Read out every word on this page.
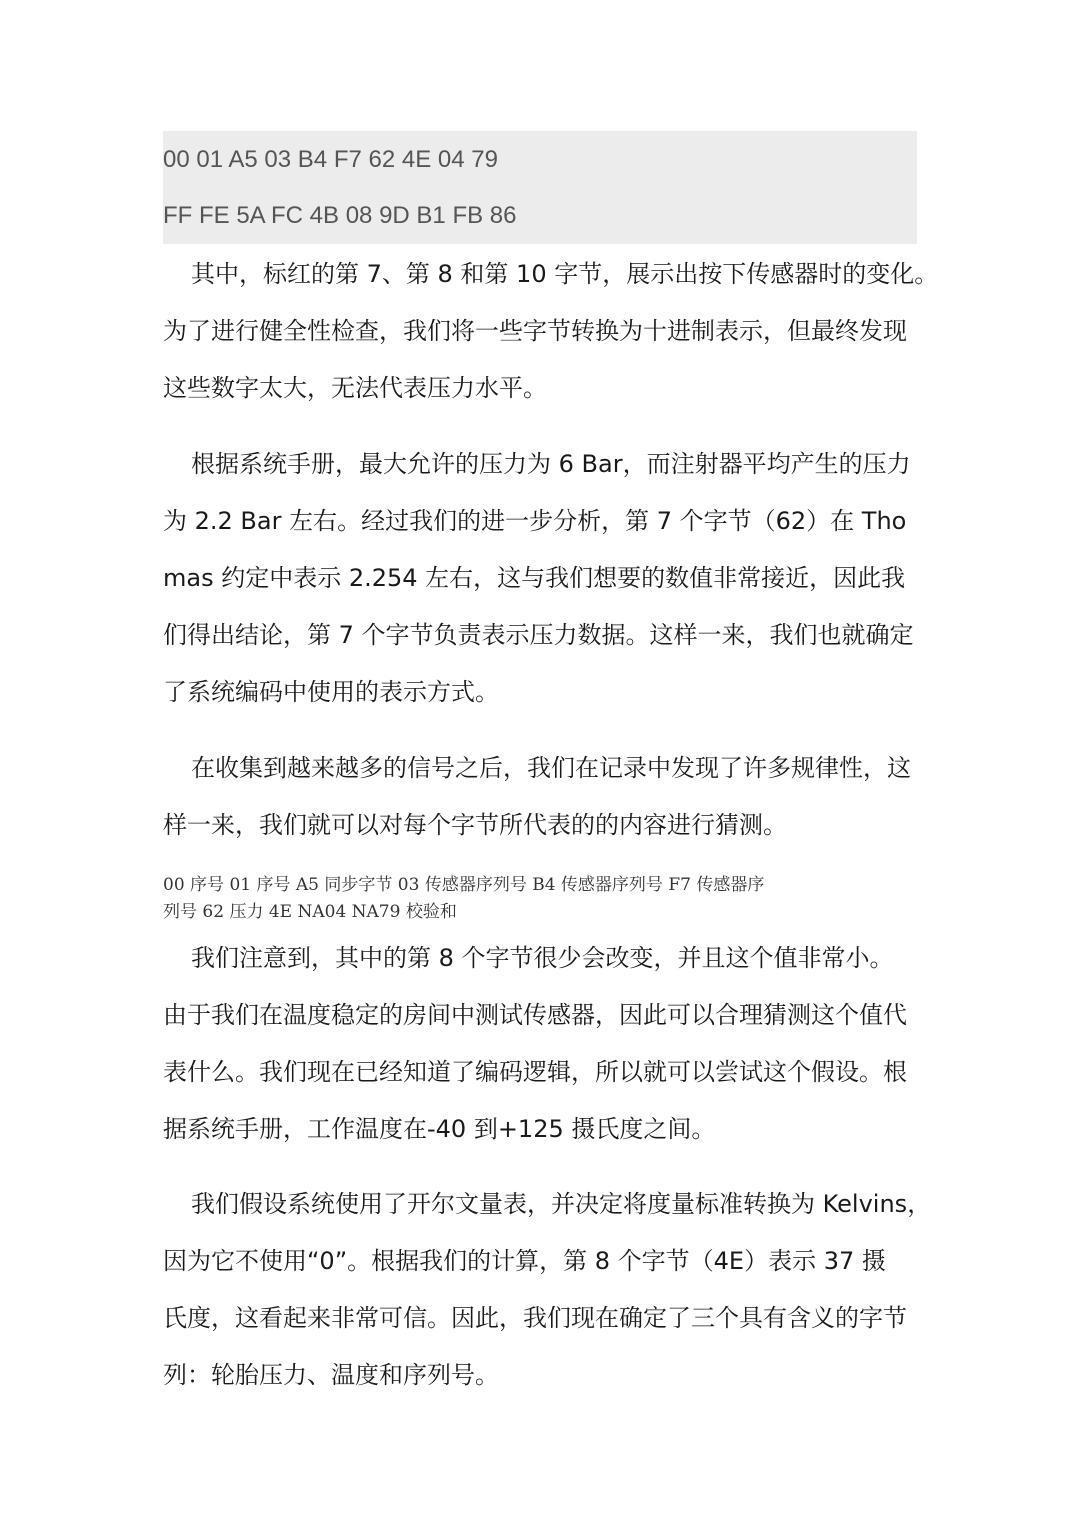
00 01 A5 03 B4 F7 62 4E 04 79
FF FE 5A FC 4B 08 9D B1 FB 86
其中，标红的第 7、第 8 和第 10 字节，展示出按下传感器时的变化。
为了进行健全性检查，我们将一些字节转换为十进制表示，但最终发现
这些数字太大，无法代表压力水平。
根据系统手册，最大允许的压力为 6 Bar，而注射器平均产生的压力
为 2.2 Bar 左右。经过我们的进一步分析，第 7 个字节（62）在 Tho
mas 约定中表示 2.254 左右，这与我们想要的数值非常接近，因此我
们得出结论，第 7 个字节负责表示压力数据。这样一来，我们也就确定
了系统编码中使用的表示方式。
在收集到越来越多的信号之后，我们在记录中发现了许多规律性，这
样一来，我们就可以对每个字节所代表的的内容进行猜测。
00 序号 01 序号 A5 同步字节 03 传感器序列号 B4 传感器序列号 F7 传感器序
列号 62 压力 4E NA04 NA79 校验和
我们注意到，其中的第 8 个字节很少会改变，并且这个值非常小。
由于我们在温度稳定的房间中测试传感器，因此可以合理猜测这个值代
表什么。我们现在已经知道了编码逻辑，所以就可以尝试这个假设。根
据系统手册，工作温度在-40 到+125 摄氏度之间。
我们假设系统使用了开尔文量表，并决定将度量标准转换为 Kelvins，
因为它不使用“0”。根据我们的计算，第 8 个字节（4E）表示 37 摄
氏度，这看起来非常可信。因此，我们现在确定了三个具有含义的字节
列：轮胎压力、温度和序列号。
